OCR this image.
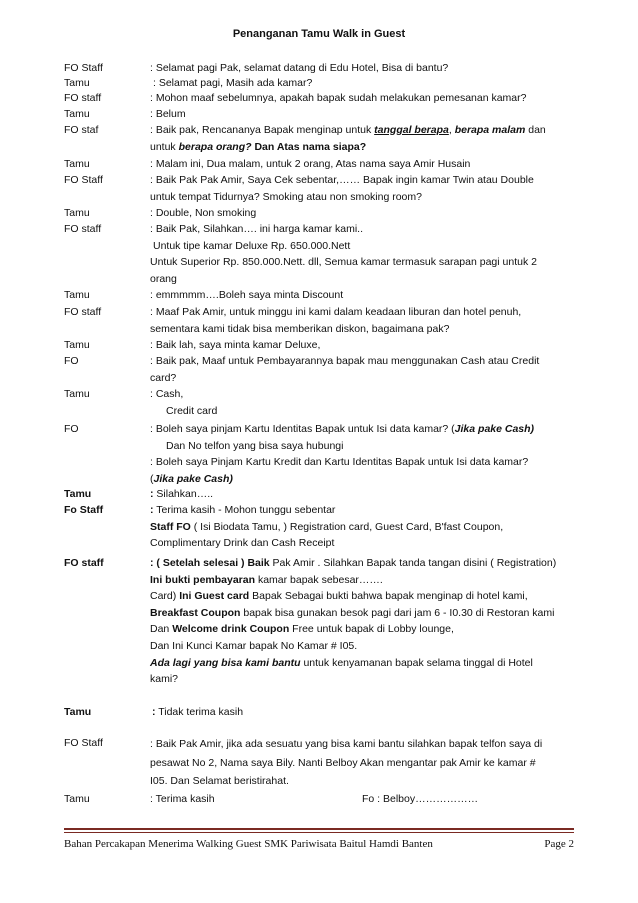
Penanganan Tamu Walk in Guest
FO Staff	: Selamat pagi Pak, selamat datang di Edu Hotel, Bisa di bantu?
Tamu	: Selamat pagi, Masih ada kamar?
FO staff	: Mohon maaf sebelumnya, apakah bapak sudah melakukan pemesanan kamar?
Tamu	: Belum
FO staf	: Baik pak, Rencananya Bapak menginap untuk tanggal berapa, berapa malam dan
untuk berapa orang? Dan Atas nama siapa?
Tamu	: Malam ini, Dua malam, untuk 2 orang, Atas nama saya Amir Husain
FO Staff	: Baik Pak Pak Amir, Saya Cek sebentar,…… Bapak ingin kamar Twin atau Double
untuk tempat Tidurnya? Smoking atau non smoking room?
Tamu	: Double, Non smoking
FO staff	: Baik Pak, Silahkan…. ini harga kamar kami..
Untuk tipe kamar Deluxe Rp. 650.000.Nett
Untuk Superior Rp. 850.000.Nett. dll, Semua kamar termasuk sarapan pagi untuk 2
orang
Tamu	: emmmmm….Boleh saya minta Discount
FO staff	: Maaf Pak Amir, untuk minggu ini kami dalam keadaan liburan dan hotel penuh,
sementara kami tidak bisa memberikan diskon, bagaimana pak?
Tamu	: Baik lah, saya minta kamar Deluxe,
FO	: Baik pak, Maaf untuk Pembayarannya bapak mau menggunakan Cash atau Credit
card?
Tamu	: Cash,
Credit card
FO	: Boleh saya pinjam Kartu Identitas Bapak untuk Isi data kamar? (Jika pake Cash)
Dan No telfon yang bisa saya hubungi
: Boleh saya Pinjam Kartu Kredit dan Kartu Identitas Bapak untuk Isi data kamar?
(Jika pake Cash)
Tamu	: Silahkan…..
Fo Staff	: Terima kasih - Mohon tunggu sebentar
Staff FO ( Isi Biodata Tamu, ) Registration card, Guest Card, B'fast Coupon,
Complimentary Drink dan Cash Receipt
FO staff	: ( Setelah selesai ) Baik Pak Amir . Silahkan Bapak tanda tangan disini ( Registration)
Ini bukti pembayaran kamar bapak sebesar…….
Card) Ini Guest card Bapak Sebagai bukti bahwa bapak menginap di hotel kami,
Breakfast Coupon bapak bisa gunakan besok pagi dari jam 6 - I0.30 di Restoran kami
Dan Welcome drink Coupon Free untuk bapak di Lobby lounge,
Dan Ini Kunci Kamar bapak No Kamar # I05.
Ada lagi yang bisa kami bantu untuk kenyamanan bapak selama tinggal di Hotel
kami?
Tamu	: Tidak terima kasih
FO Staff	: Baik Pak Amir, jika ada sesuatu yang bisa kami bantu silahkan bapak telfon saya di
pesawat No 2, Nama saya Bily. Nanti Belboy Akan mengantar pak Amir ke kamar #
I05. Dan Selamat beristirahat.
Tamu	: Terima kasih	Fo : Belboy………………
Bahan Percakapan Menerima Walking Guest SMK Pariwisata Baitul Hamdi Banten	Page 2
